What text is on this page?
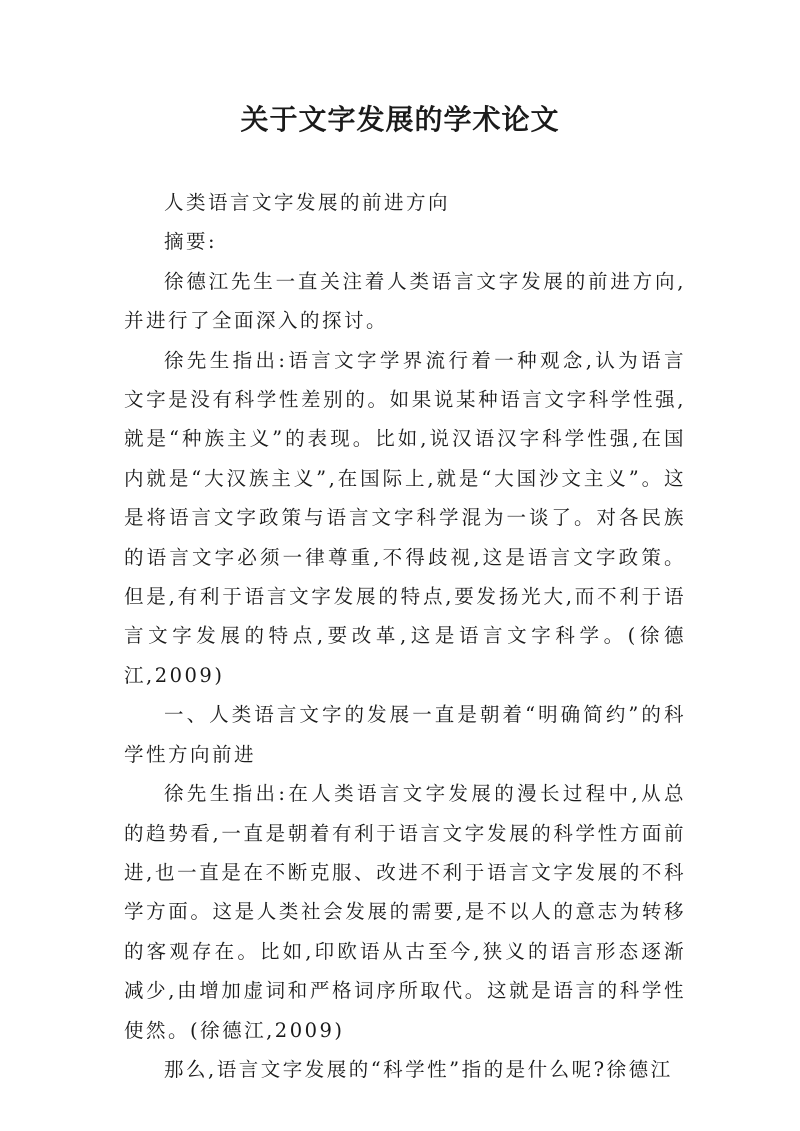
关于文字发展的学术论文

人类语言文字发展的前进方向

摘要:

徐德江先生一直关注着人类语言文字发展的前进方向,并进行了全面深入的探讨。

徐先生指出:语言文字学界流行着一种观念,认为语言文字是没有科学性差别的。如果说某种语言文字科学性强,就是“种族主义”的表现。比如,说汉语汉字科学性强,在国内就是“大汉族主义”,在国际上,就是“大国沙文主义”。这是将语言文字政策与语言文字科学混为一谈了。对各民族的语言文字必须一律尊重,不得歧视,这是语言文字政策。但是,有利于语言文字发展的特点,要发扬光大,而不利于语言文字发展的特点,要改革,这是语言文字科学。(徐德江,2009)

一、人类语言文字的发展一直是朝着“明确简约”的科学性方向前进

徐先生指出:在人类语言文字发展的漫长过程中,从总的趋势看,一直是朝着有利于语言文字发展的科学性方面前进,也一直是在不断克服、改进不利于语言文字发展的不科学方面。这是人类社会发展的需要,是不以人的意志为转移的客观存在。比如,印欧语从古至今,狭义的语言形态逐渐减少,由增加虚词和严格词序所取代。这就是语言的科学性使然。(徐德江,2009)

那么,语言文字发展的“科学性”指的是什么呢?徐德江
